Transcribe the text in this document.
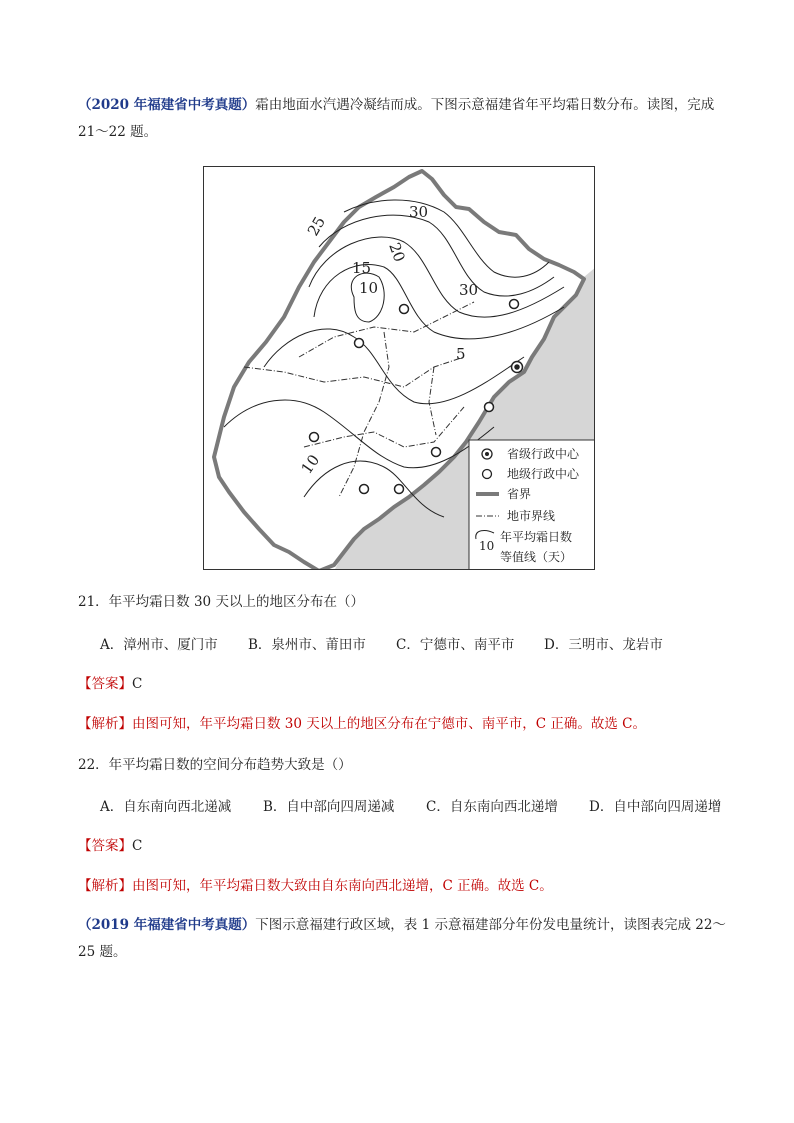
（2020 年福建省中考真题）霜由地面水汽遇冷凝结而成。下图示意福建省年平均霜日数分布。读图，完成
21～22 题。
30
25
20
15
10	30
5
10	省级行政中心
地级行政中心
省界
地市界线
10
年平均霜日数
等值线（天）
21．年平均霜日数 30 天以上的地区分布在（）
A．漳州市、厦门市	B．泉州市、莆田市	C．宁德市、南平市	D．三明市、龙岩市
【答案】C
【解析】由图可知，年平均霜日数 30 天以上的地区分布在宁德市、南平市，C 正确。故选 C。
22．年平均霜日数的空间分布趋势大致是（）
A．自东南向西北递减	B．自中部向四周递减	C．自东南向西北递增	D．自中部向四周递增
【答案】C
【解析】由图可知，年平均霜日数大致由自东南向西北递增，C 正确。故选 C。
（2019 年福建省中考真题）下图示意福建行政区域，表 1 示意福建部分年份发电量统计，读图表完成 22～
25 题。
